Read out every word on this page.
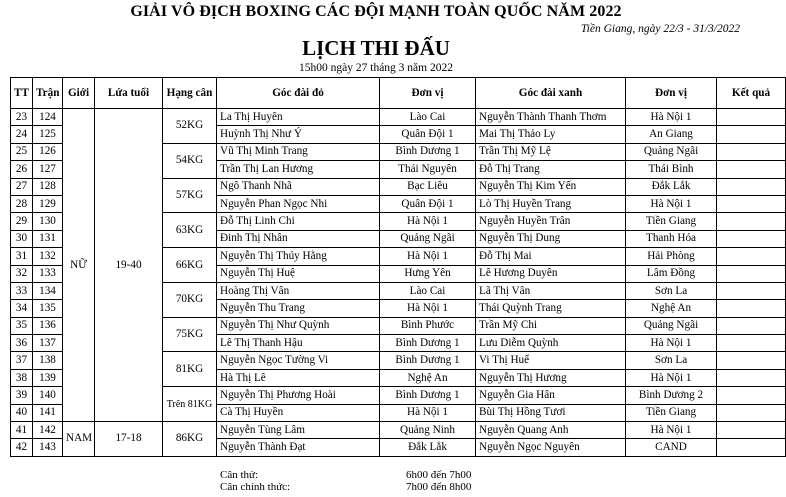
GIẢI VÔ ĐỊCH BOXING CÁC ĐỘI MẠNH TOÀN QUỐC NĂM 2022
Tiền Giang, ngày 22/3 - 31/3/2022
LỊCH THI ĐẤU
15h00 ngày 27 tháng 3 năm 2022
TT	Trận	Giới	Lứa tuổi	Hạng cân	Góc đài đỏ	Đơn vị	Góc đài xanh	Đơn vị	Kết quả
23	124	NỮ	19-40	52KG	La Thị Huyên	Lào Cai	Nguyễn Thành Thanh Thơm	Hà Nội 1	
24	125				Huỳnh Thị Như Ý	Quân Đội 1	Mai Thị Thảo Ly	An Giang	
25	126			54KG	Vũ Thị Minh Trang	Bình Dương 1	Trần Thị Mỹ Lệ	Quảng Ngãi	
26	127				Trần Thị Lan Hương	Thái Nguyên	Đỗ Thị Trang	Thái Bình	
27	128			57KG	Ngô Thanh Nhã	Bạc Liêu	Nguyễn Thị Kim Yến	Đắk Lắk	
28	129				Nguyễn Phan Ngọc Nhi	Quân Đội 1	Lò Thị Huyền Trang	Hà Nội 1	
29	130			63KG	Đỗ Thị Linh Chi	Hà Nội 1	Nguyễn Huyền Trân	Tiền Giang	
30	131				Đinh Thị Nhân	Quảng Ngãi	Nguyễn Thị Dung	Thanh Hóa	
31	132			66KG	Nguyễn Thị Thúy Hằng	Hà Nội 1	Đỗ Thị Mai	Hải Phòng	
32	133				Nguyễn Thị Huệ	Hưng Yên	Lê Hương Duyên	Lâm Đồng	
33	134			70KG	Hoàng Thị Vân	Lào Cai	Lã Thị Vân	Sơn La	
34	135				Nguyễn Thu Trang	Hà Nội 1	Thái Quỳnh Trang	Nghệ An	
35	136			75KG	Nguyễn Thị Như Quỳnh	Bình Phước	Trần Mỹ Chi	Quảng Ngãi	
36	137				Lê Thị Thanh Hậu	Bình Dương 1	Lưu Diễm Quỳnh	Hà Nội 1	
37	138			81KG	Nguyễn Ngọc Tường Vi	Bình Dương 1	Vi Thị Huế	Sơn La	
38	139				Hà Thị Lê	Nghệ An	Nguyễn Thị Hương	Hà Nội 1	
39	140			Trên 81KG	Nguyễn Thị Phương Hoài	Bình Dương 1	Nguyễn Gia Hân	Bình Dương 2	
40	141				Cà Thị Huyền	Hà Nội 1	Bùi Thị Hồng Tươi	Tiền Giang	
41	142	NAM	17-18	86KG	Nguyễn Tùng Lâm	Quảng Ninh	Nguyễn Quang Anh	Hà Nội 1	
42	143				Nguyễn Thành Đạt	Đắk Lắk	Nguyễn Ngọc Nguyên	CAND	
Cân thử:	6h00 đến 7h00
Cân chính thức:	7h00 đến 8h00
